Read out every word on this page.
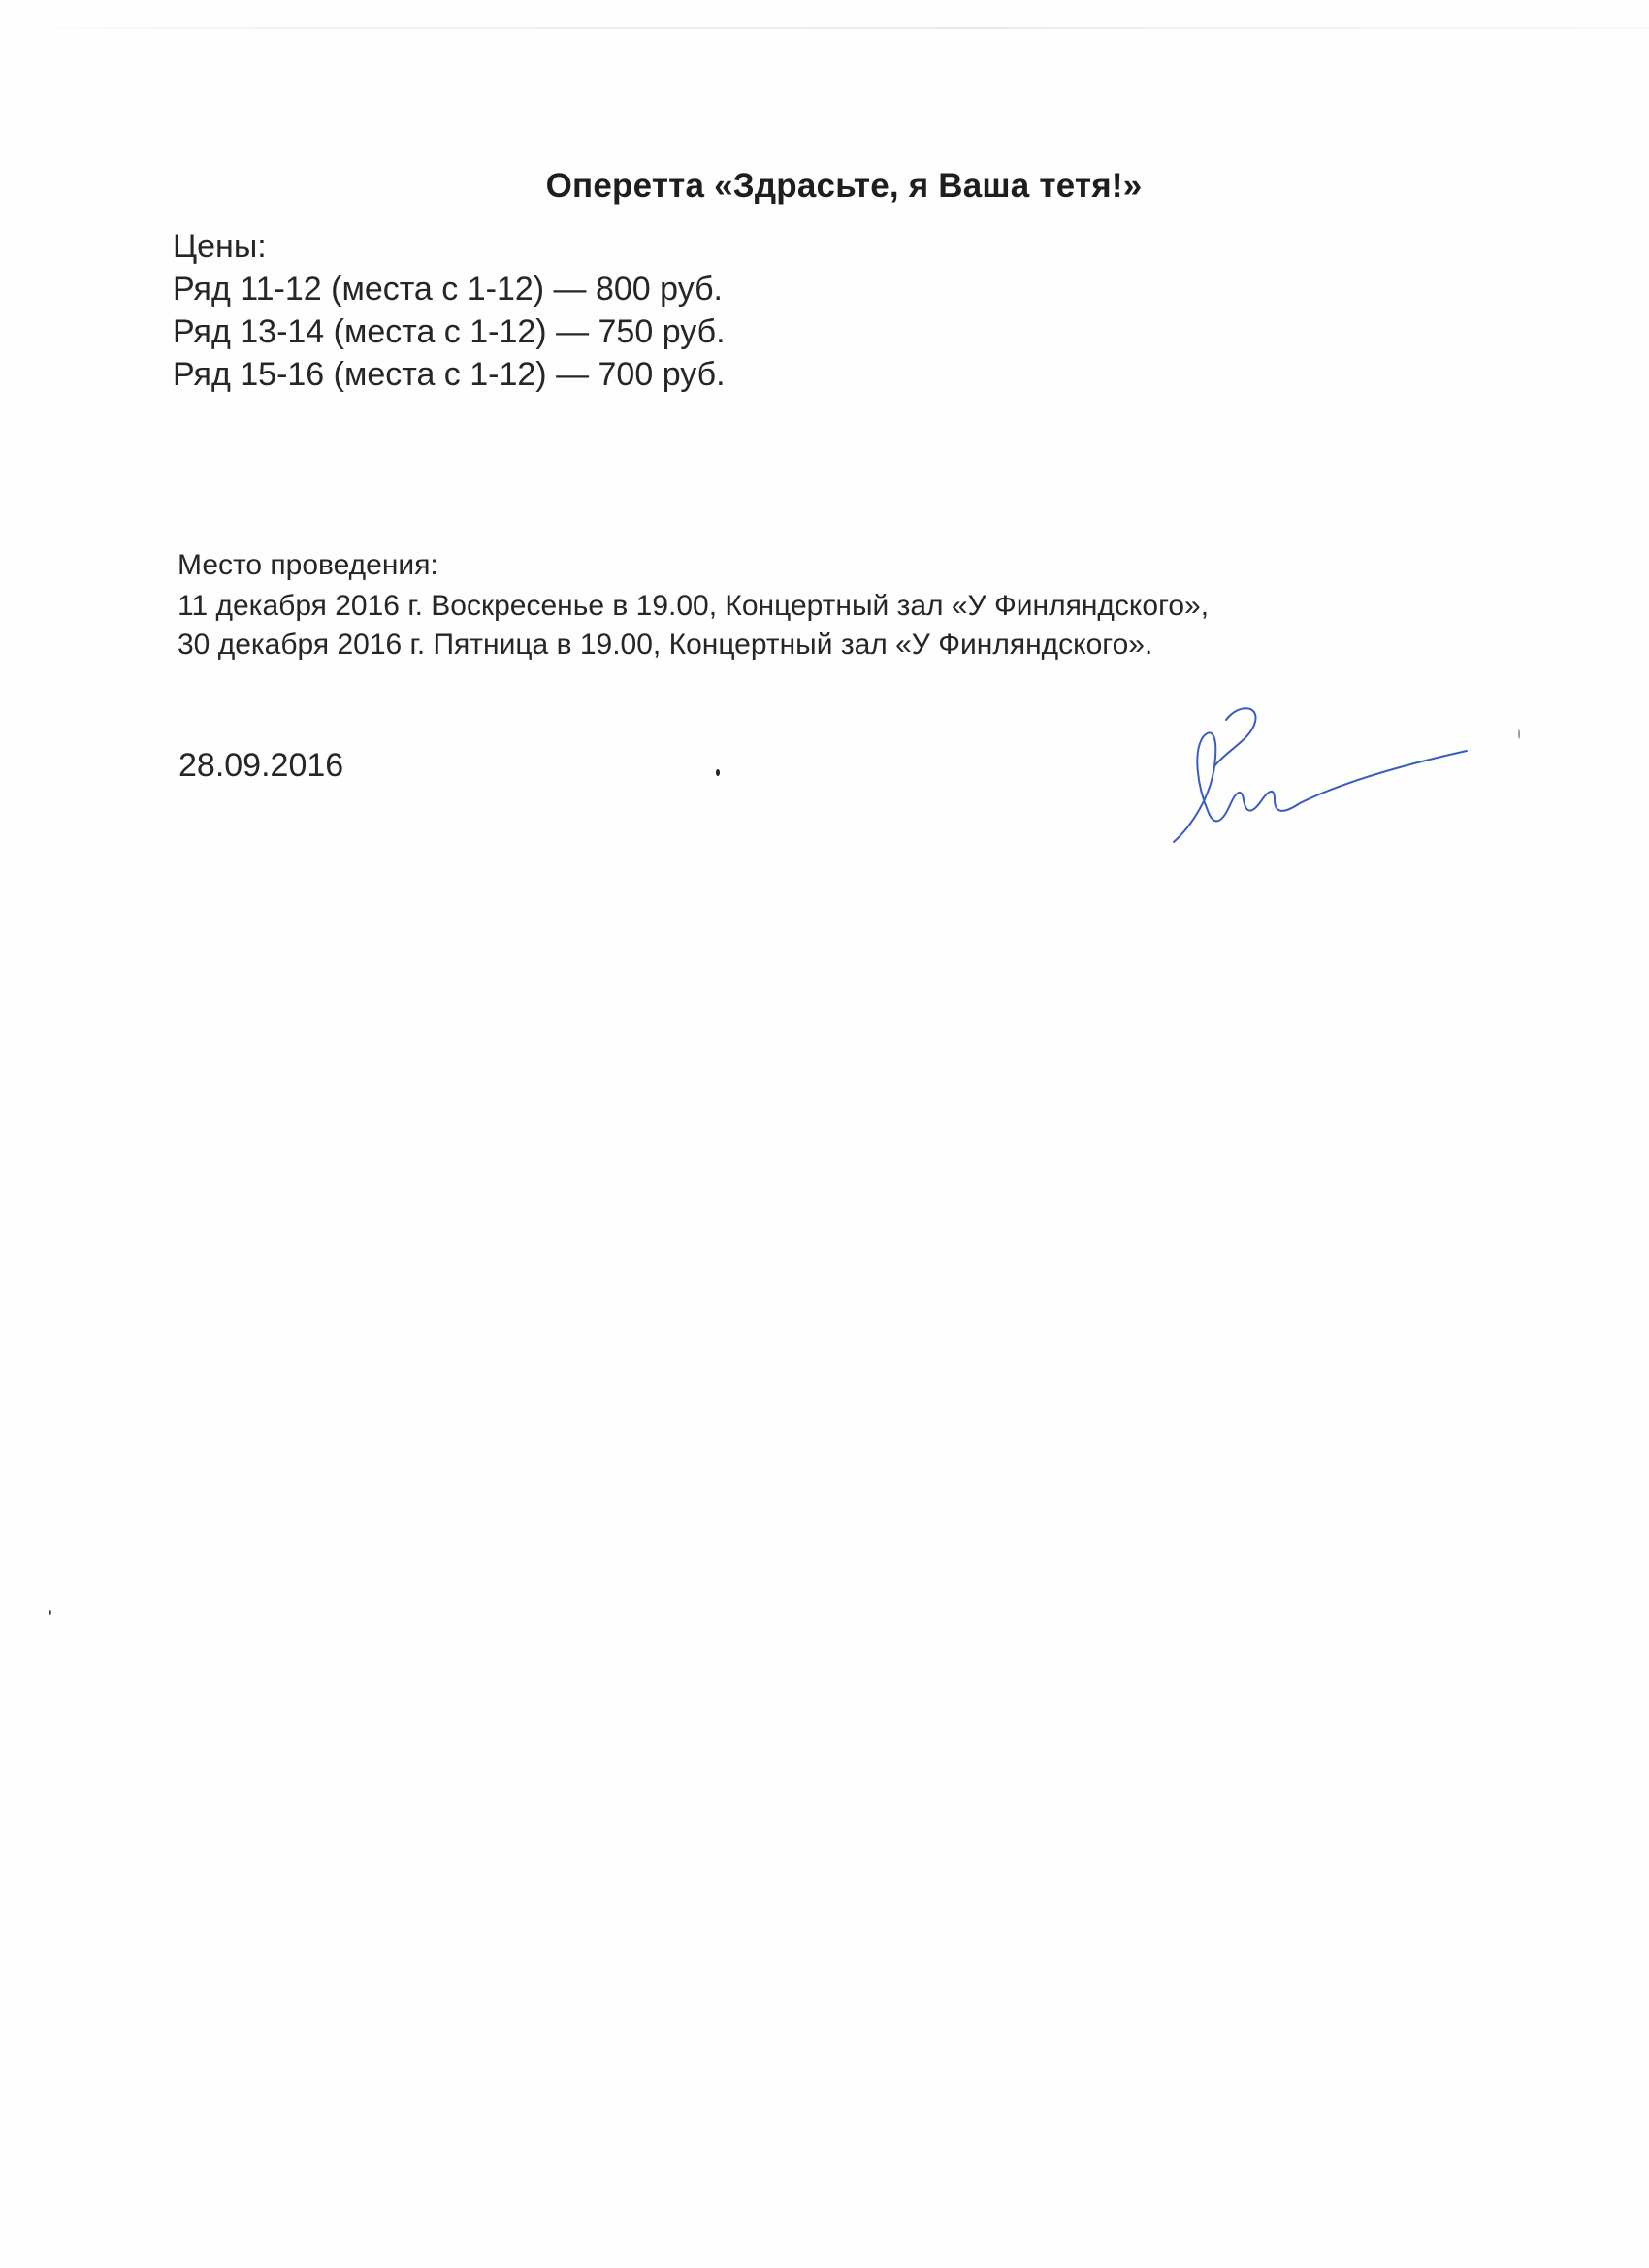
Оперетта «Здрасьте, я Ваша тетя!»
Цены:
Ряд 11-12 (места с 1-12) — 800 руб.
Ряд 13-14 (места с 1-12) — 750 руб.
Ряд 15-16 (места с 1-12) — 700 руб.
Место проведения:
11 декабря 2016 г. Воскресенье в 19.00, Концертный зал «У Финляндского»,
30 декабря 2016 г. Пятница в 19.00, Концертный зал «У Финляндского».
28.09.2016
